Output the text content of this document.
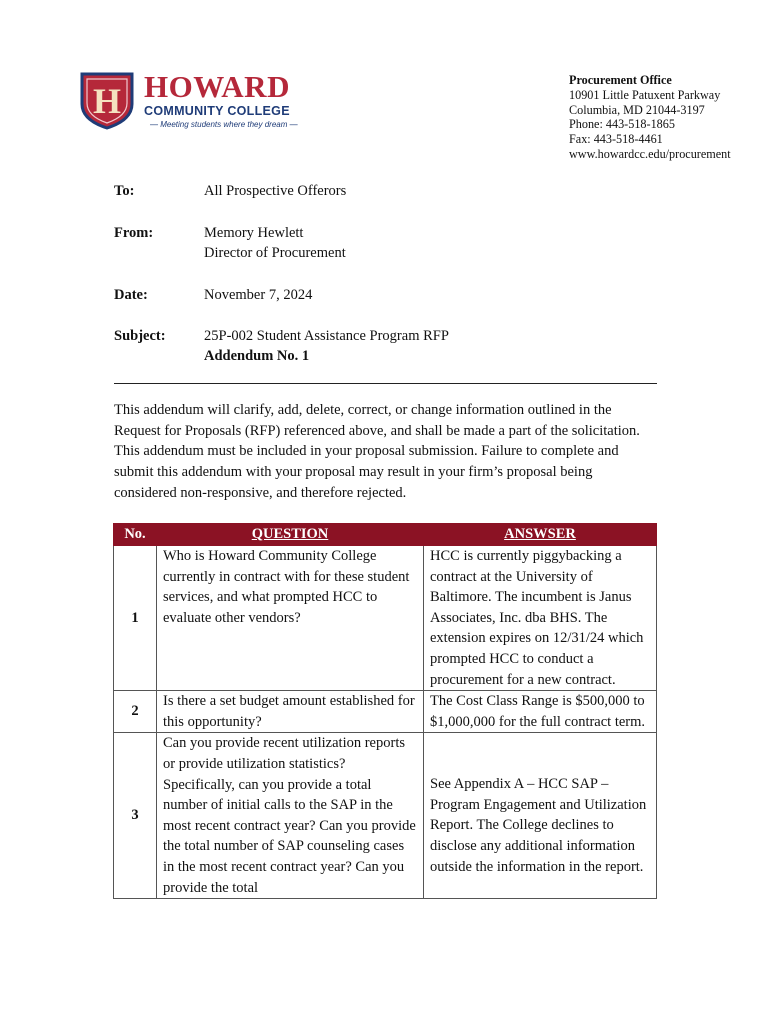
H HOWARD
COMMUNITY COLLEGE
— Meeting students where they dream —
Procurement Office
10901 Little Patuxent Parkway
Columbia, MD 21044-3197
Phone: 443-518-1865
Fax: 443-518-4461
www.howardcc.edu/procurement
To:	All Prospective Offerors
From:	Memory Hewlett
Director of Procurement
Date:	November 7, 2024
Subject:	25P-002 Student Assistance Program RFP
Addendum No. 1
This addendum will clarify, add, delete, correct, or change information outlined in the Request for Proposals (RFP) referenced above, and shall be made a part of the solicitation. This addendum must be included in your proposal submission. Failure to complete and submit this addendum with your proposal may result in your firm’s proposal being considered non-responsive, and therefore rejected.
No.	QUESTION	ANSWSER
1	Who is Howard Community College currently in contract with for these student services, and what prompted HCC to evaluate other vendors?	HCC is currently piggybacking a contract at the University of Baltimore. The incumbent is Janus Associates, Inc. dba BHS. The extension expires on 12/31/24 which prompted HCC to conduct a procurement for a new contract.
2	Is there a set budget amount established for this opportunity?	The Cost Class Range is $500,000 to $1,000,000 for the full contract term.
3	Can you provide recent utilization reports or provide utilization statistics? Specifically, can you provide a total number of initial calls to the SAP in the most recent contract year? Can you provide the total number of SAP counseling cases in the most recent contract year? Can you provide the total	See Appendix A – HCC SAP – Program Engagement and Utilization Report. The College declines to disclose any additional information outside the information in the report.
